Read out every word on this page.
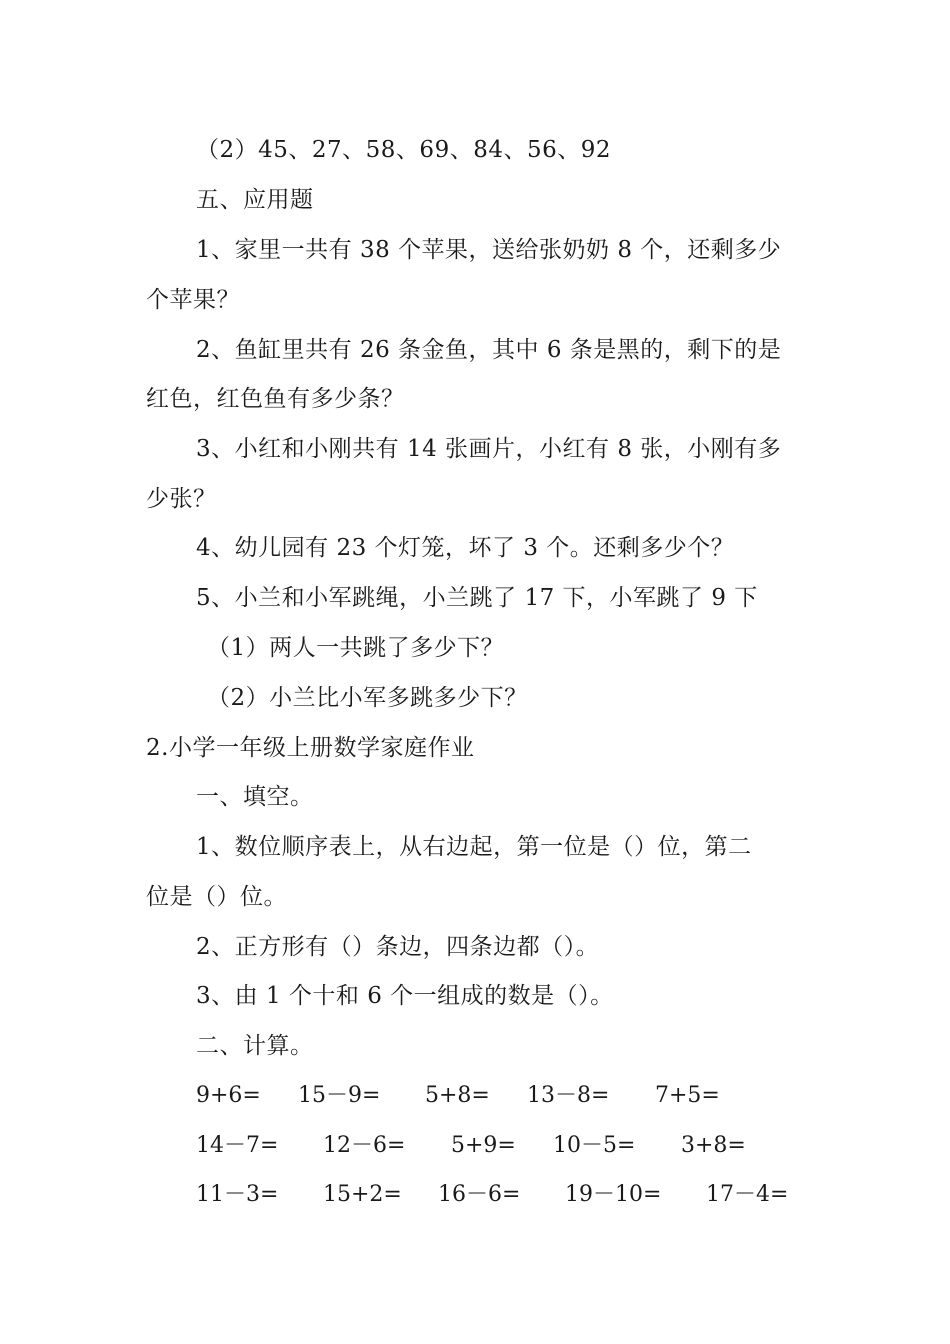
（2）45、27、58、69、84、56、92
五、应用题
1、家里一共有 38 个苹果，送给张奶奶 8 个，还剩多少
个苹果？
2、鱼缸里共有 26 条金鱼，其中 6 条是黑的，剩下的是
红色，红色鱼有多少条？
3、小红和小刚共有 14 张画片，小红有 8 张，小刚有多
少张？
4、幼儿园有 23 个灯笼，坏了 3 个。还剩多少个？
5、小兰和小军跳绳，小兰跳了 17 下，小军跳了 9 下
（1）两人一共跳了多少下？
（2）小兰比小军多跳多少下？
2.小学一年级上册数学家庭作业
一、填空。
1、数位顺序表上，从右边起，第一位是（）位，第二
位是（）位。
2、正方形有（）条边，四条边都（）。
3、由 1 个十和 6 个一组成的数是（）。
二、计算。
9+6= 15－9= 5+8= 13－8= 7+5=
14－7= 12－6= 5+9= 10－5= 3+8=
11－3= 15+2= 16－6= 19－10= 17－4=
